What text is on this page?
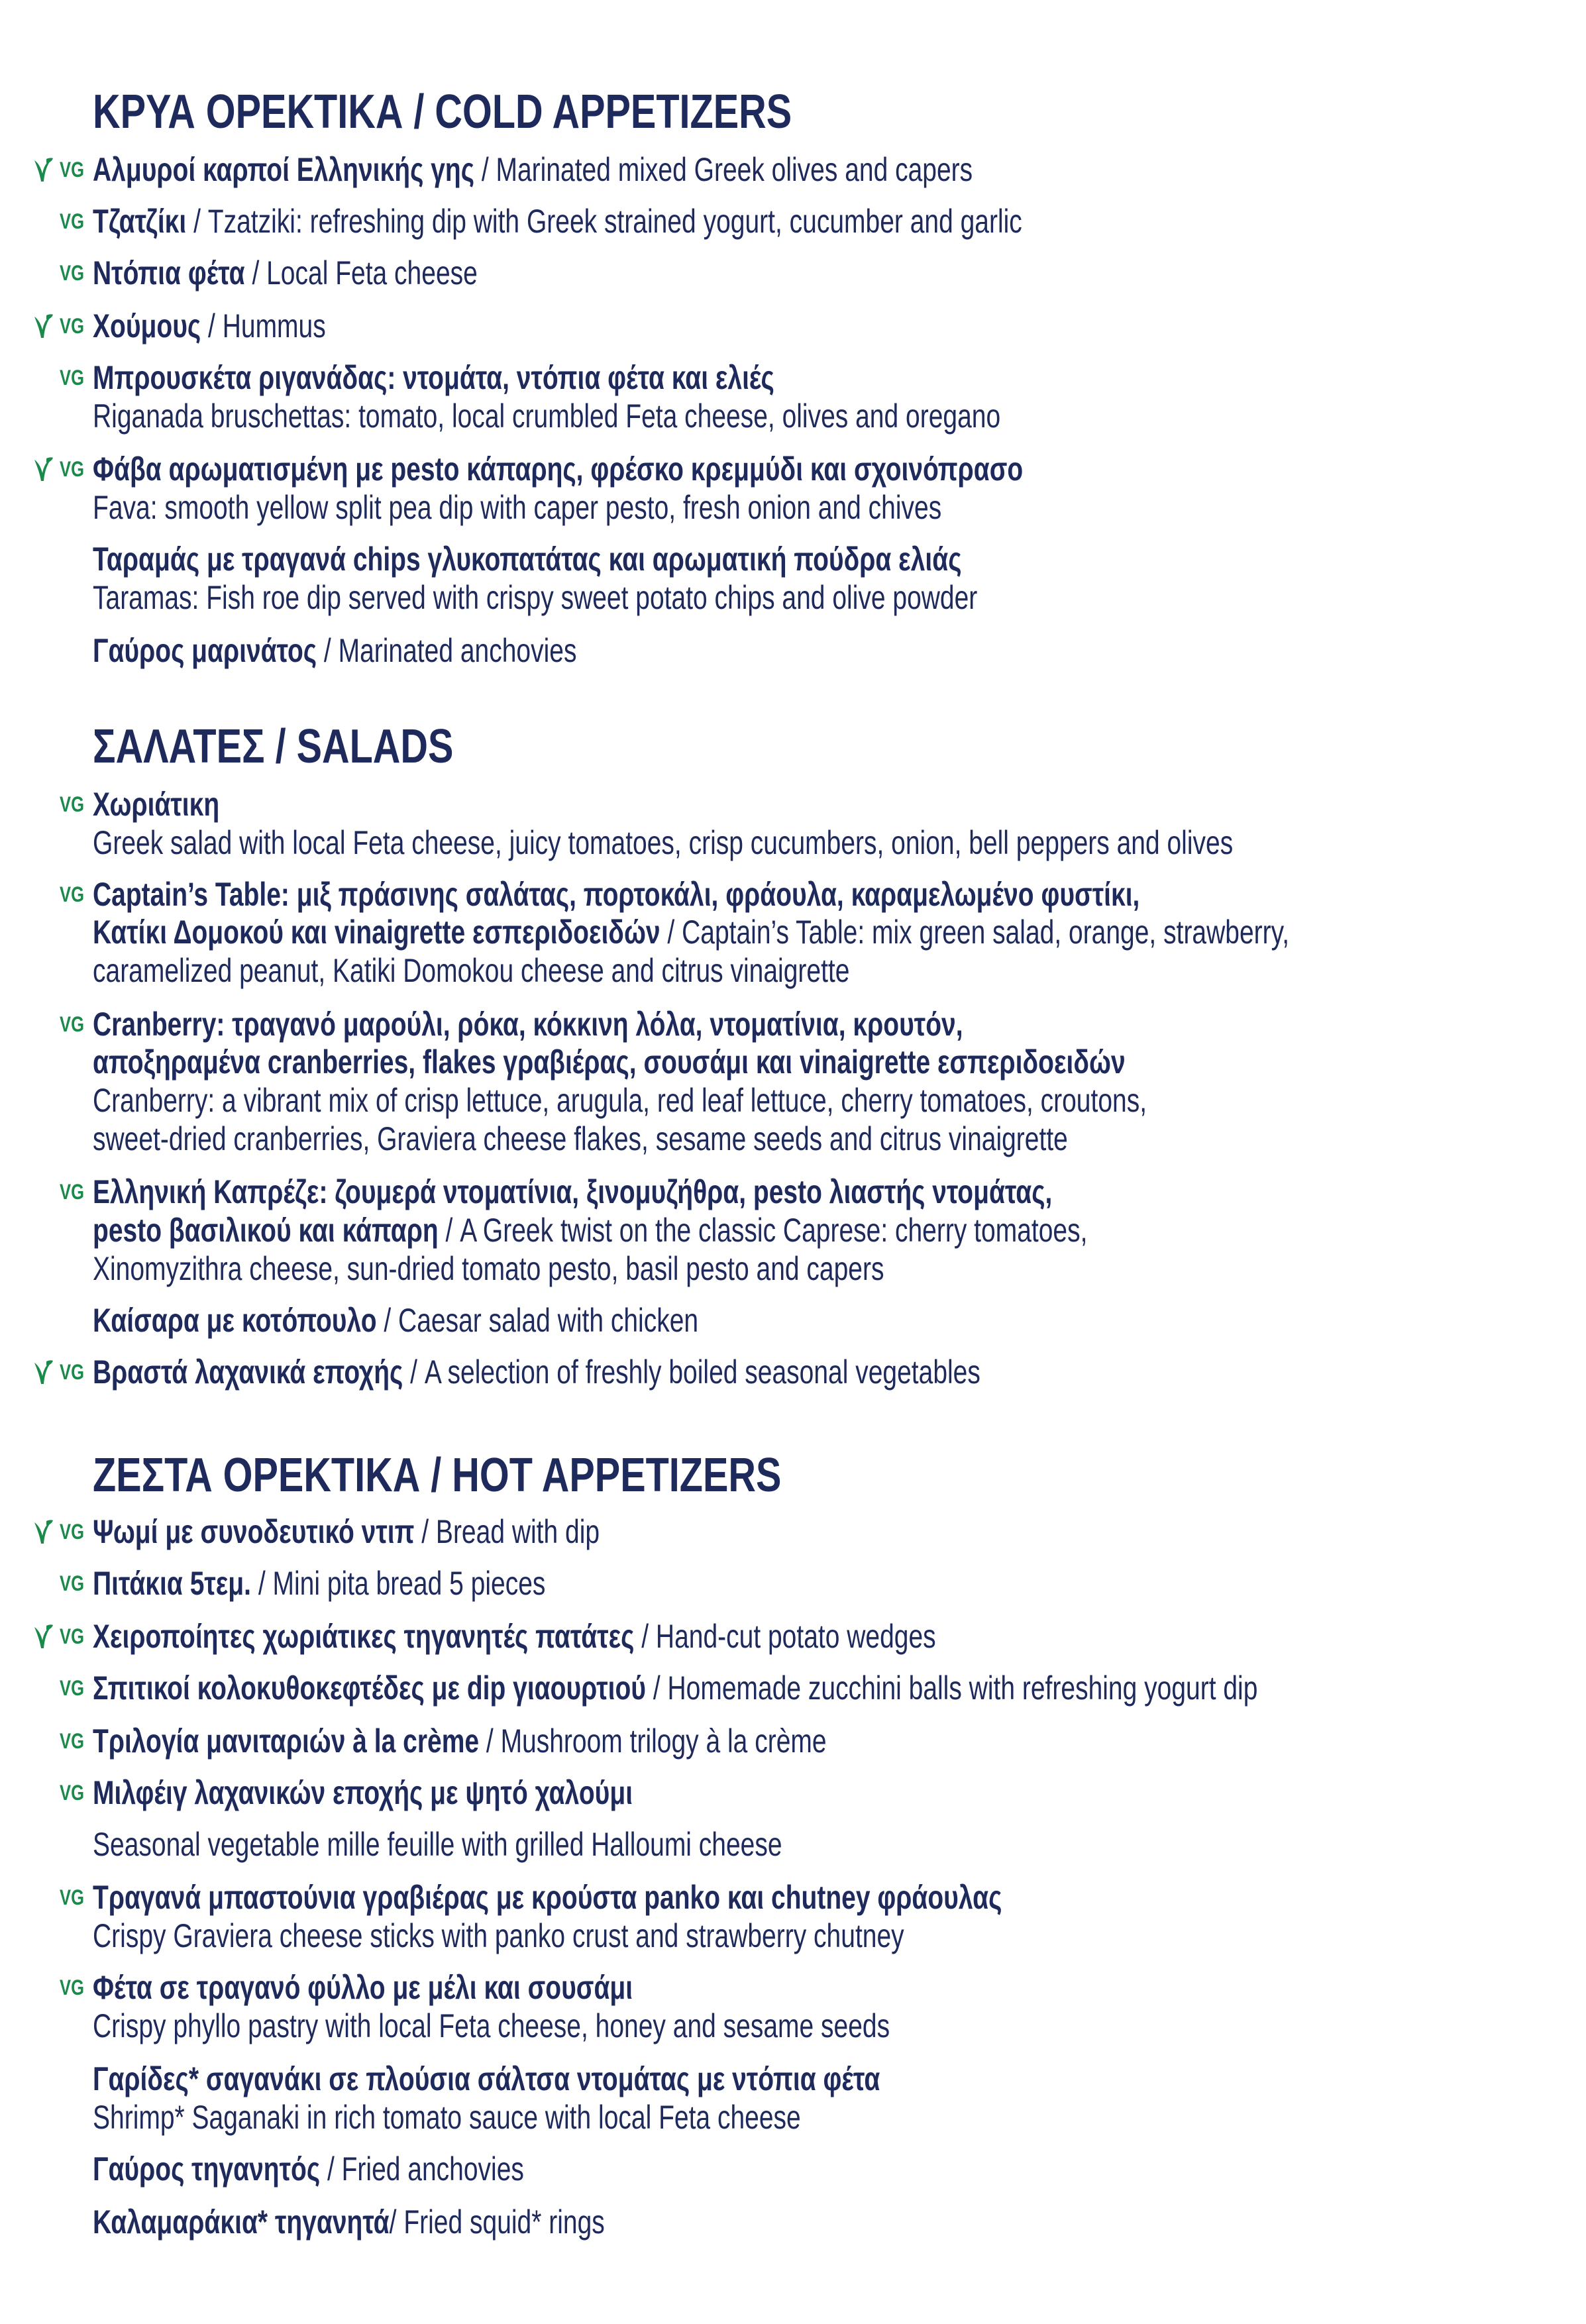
ΚΡΥΑ ΟΡΕΚΤΙΚΑ / COLD APPETIZERS
VG Αλμυροί καρποί Ελληνικής γης / Marinated mixed Greek olives and capers
VG Τζατζίκι / Tzatziki: refreshing dip with Greek strained yogurt, cucumber and garlic
VG Ντόπια φέτα / Local Feta cheese
VG Χούμους / Hummus
VG Μπρουσκέτα ριγανάδας: ντομάτα, ντόπια φέτα και ελιές
Riganada bruschettas: tomato, local crumbled Feta cheese, olives and oregano
VG Φάβα αρωματισμένη με pesto κάπαρης, φρέσκο κρεμμύδι και σχοινόπρασο
Fava: smooth yellow split pea dip with caper pesto, fresh onion and chives
Ταραμάς με τραγανά chips γλυκοπατάτας και αρωματική πούδρα ελιάς
Taramas: Fish roe dip served with crispy sweet potato chips and olive powder
Γαύρος μαρινάτος / Marinated anchovies
ΣΑΛΑΤΕΣ / SALADS
VG Χωριάτικη
Greek salad with local Feta cheese, juicy tomatoes, crisp cucumbers, onion, bell peppers and olives
VG Captain’s Table: μιξ πράσινης σαλάτας, πορτοκάλι, φράουλα, καραμελωμένο φυστίκι,
Κατίκι Δομοκού και vinaigrette εσπεριδοειδών / Captain’s Table: mix green salad, orange, strawberry,
caramelized peanut, Katiki Domokou cheese and citrus vinaigrette
VG Cranberry: τραγανό μαρούλι, ρόκα, κόκκινη λόλα, ντοματίνια, κρουτόν,
αποξηραμένα cranberries, flakes γραβιέρας, σουσάμι και vinaigrette εσπεριδοειδών
Cranberry: a vibrant mix of crisp lettuce, arugula, red leaf lettuce, cherry tomatoes, croutons,
sweet-dried cranberries, Graviera cheese flakes, sesame seeds and citrus vinaigrette
VG Ελληνική Καπρέζε: ζουμερά ντοματίνια, ξινομυζήθρα, pesto λιαστής ντομάτας,
pesto βασιλικού και κάπαρη / A Greek twist on the classic Caprese: cherry tomatoes,
Xinomyzithra cheese, sun-dried tomato pesto, basil pesto and capers
Καίσαρα με κοτόπουλο / Caesar salad with chicken
VG Βραστά λαχανικά εποχής / A selection of freshly boiled seasonal vegetables
ΖΕΣΤΑ ΟΡΕΚΤΙΚΑ / HOT APPETIZERS
VG Ψωμί με συνοδευτικό ντιπ / Bread with dip
VG Πιτάκια 5τεμ. / Mini pita bread 5 pieces
VG Χειροποίητες χωριάτικες τηγανητές πατάτες / Hand-cut potato wedges
VG Σπιτικοί κολοκυθοκεφτέδες με dip γιαουρτιού / Homemade zucchini balls with refreshing yogurt dip
VG Τριλογία μανιταριών à la crème / Mushroom trilogy à la crème
VG Μιλφέιγ λαχανικών εποχής με ψητό χαλούμι
Seasonal vegetable mille feuille with grilled Halloumi cheese
VG Τραγανά μπαστούνια γραβιέρας με κρούστα panko και chutney φράουλας
Crispy Graviera cheese sticks with panko crust and strawberry chutney
VG Φέτα σε τραγανό φύλλο με μέλι και σουσάμι
Crispy phyllo pastry with local Feta cheese, honey and sesame seeds
Γαρίδες* σαγανάκι σε πλούσια σάλτσα ντομάτας με ντόπια φέτα
Shrimp* Saganaki in rich tomato sauce with local Feta cheese
Γαύρος τηγανητός / Fried anchovies
Καλαμαράκια* τηγανητά/ Fried squid* rings
